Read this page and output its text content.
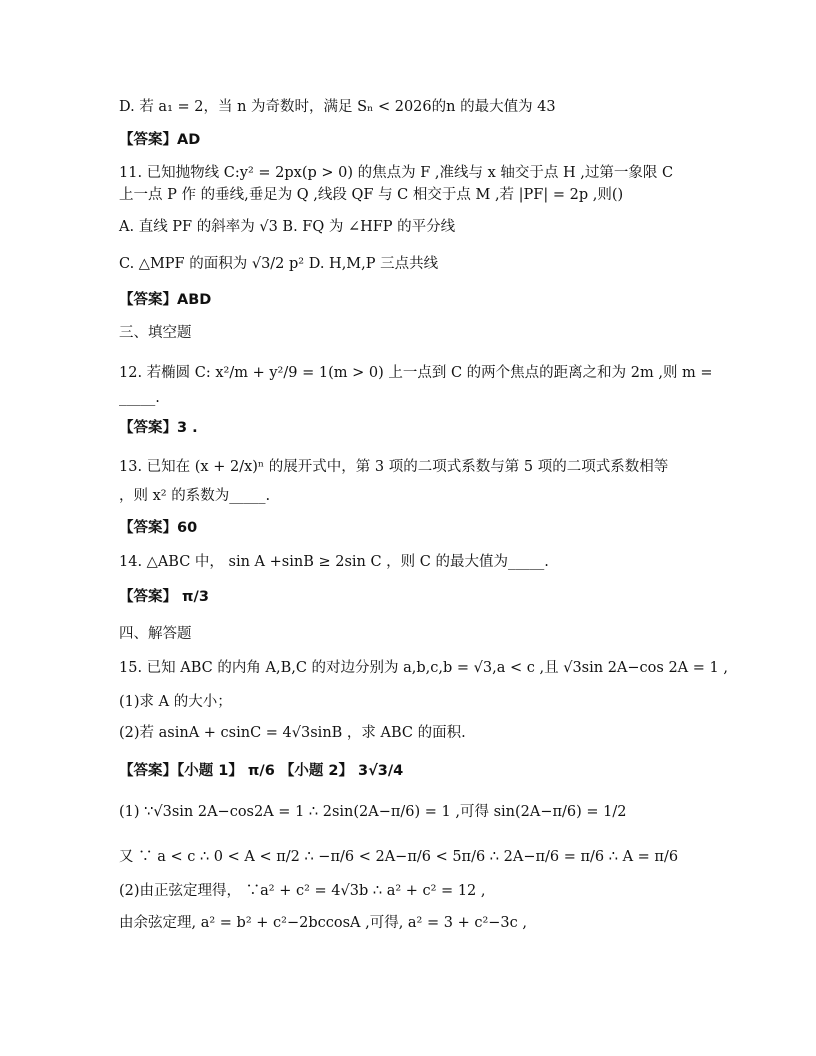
D. 若 a₁ = 2，当 n 为奇数时，满足 Sₙ < 2026的n 的最大值为 43
【答案】AD
11. 已知抛物线 C:y² = 2px(p > 0) 的焦点为 F ,准线与 x 轴交于点 H ,过第一象限 C
上一点 P 作 的垂线,垂足为 Q ,线段 QF 与 C 相交于点 M ,若 |PF| = 2p ,则()
A. 直线 PF 的斜率为 √3 B. FQ 为 ∠HFP 的平分线
C. △MPF 的面积为 √3/2 p² D. H,M,P 三点共线
【答案】ABD
三、填空题
12. 若椭圆 C: x²/m + y²/9 = 1(m > 0) 上一点到 C 的两个焦点的距离之和为 2m ,则 m =
_____.
【答案】3 .
13. 已知在 (x + 2/x)ⁿ 的展开式中，第 3 项的二项式系数与第 5 项的二项式系数相等
，则 x² 的系数为_____.
【答案】60
14. △ABC 中， sin A +sinB ≥ 2sin C ，则 C 的最大值为_____.
【答案】 π/3
四、解答题
15. 已知 ABC 的内角 A,B,C 的对边分别为 a,b,c,b = √3,a < c ,且 √3sin 2A−cos 2A = 1 ,
(1)求 A 的大小；
(2)若 asinA + csinC = 4√3sinB ，求 ABC 的面积.
【答案】【小题 1】 π/6 【小题 2】 3√3/4
(1) ∵√3sin 2A−cos2A = 1 ∴ 2sin(2A−π/6) = 1 ,可得 sin(2A−π/6) = 1/2
又 ∵ a < c ∴ 0 < A < π/2 ∴ −π/6 < 2A−π/6 < 5π/6 ∴ 2A−π/6 = π/6 ∴ A = π/6
(2)由正弦定理得， ∵a² + c² = 4√3b ∴ a² + c² = 12 ,
由余弦定理, a² = b² + c²−2bccosA ,可得, a² = 3 + c²−3c ,
